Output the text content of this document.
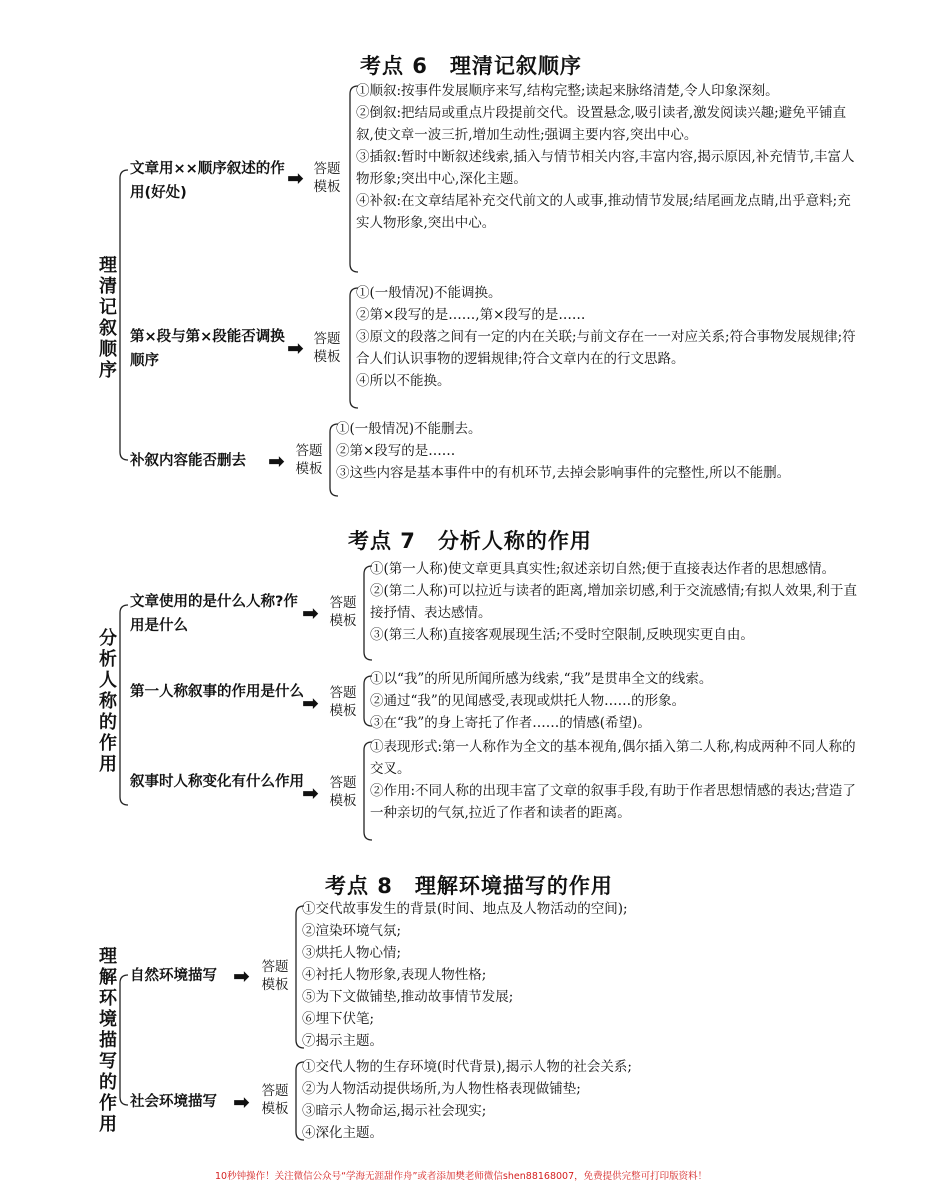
考点 6　理清记叙顺序
理清记叙顺序
文章用××顺序叙述的作用(好处)
➡ 答题模板
①顺叙:按事件发展顺序来写,结构完整;读起来脉络清楚,令人印象深刻。
②倒叙:把结局或重点片段提前交代。设置悬念,吸引读者,激发阅读兴趣;避免平铺直叙,使文章一波三折,增加生动性;强调主要内容,突出中心。
③插叙:暂时中断叙述线索,插入与情节相关内容,丰富内容,揭示原因,补充情节,丰富人物形象;突出中心,深化主题。
④补叙:在文章结尾补充交代前文的人或事,推动情节发展;结尾画龙点睛,出乎意料;充实人物形象,突出中心。
第×段与第×段能否调换顺序
➡ 答题模板
①(一般情况)不能调换。
②第×段写的是……,第×段写的是……
③原文的段落之间有一定的内在关联;与前文存在一一对应关系;符合事物发展规律;符合人们认识事物的逻辑规律;符合文章内在的行文思路。
④所以不能换。
补叙内容能否删去	➡ 答题模板
①(一般情况)不能删去。
②第×段写的是……
③这些内容是基本事件中的有机环节,去掉会影响事件的完整性,所以不能删。
考点 7　分析人称的作用
分析人称的作用
文章使用的是什么人称?作用是什么
➡ 答题模板
①(第一人称)使文章更具真实性;叙述亲切自然;便于直接表达作者的思想感情。
②(第二人称)可以拉近与读者的距离,增加亲切感,利于交流感情;有拟人效果,利于直接抒情、表达感情。
③(第三人称)直接客观展现生活;不受时空限制,反映现实更自由。
第一人称叙事的作用是什么
➡ 答题模板
①以“我”的所见所闻所感为线索,“我”是贯串全文的线索。
②通过“我”的见闻感受,表现或烘托人物……的形象。
③在“我”的身上寄托了作者……的情感(希望)。
叙事时人称变化有什么作用
➡ 答题模板
①表现形式:第一人称作为全文的基本视角,偶尔插入第二人称,构成两种不同人称的交叉。
②作用:不同人称的出现丰富了文章的叙事手段,有助于作者思想情感的表达;营造了一种亲切的气氛,拉近了作者和读者的距离。
考点 8　理解环境描写的作用
理解环境描写的作用
自然环境描写 ➡ 答题模板
①交代故事发生的背景(时间、地点及人物活动的空间);
②渲染环境气氛;
③烘托人物心情;
④衬托人物形象,表现人物性格;
⑤为下文做铺垫,推动故事情节发展;
⑥埋下伏笔;
⑦揭示主题。
社会环境描写 ➡ 答题模板
①交代人物的生存环境(时代背景),揭示人物的社会关系;
②为人物活动提供场所,为人物性格表现做铺垫;
③暗示人物命运,揭示社会现实;
④深化主题。
10秒钟操作！关注微信公众号“学海无涯甜作舟”或者添加樊老师微信shen88168007，免费提供完整可打印版资料！
